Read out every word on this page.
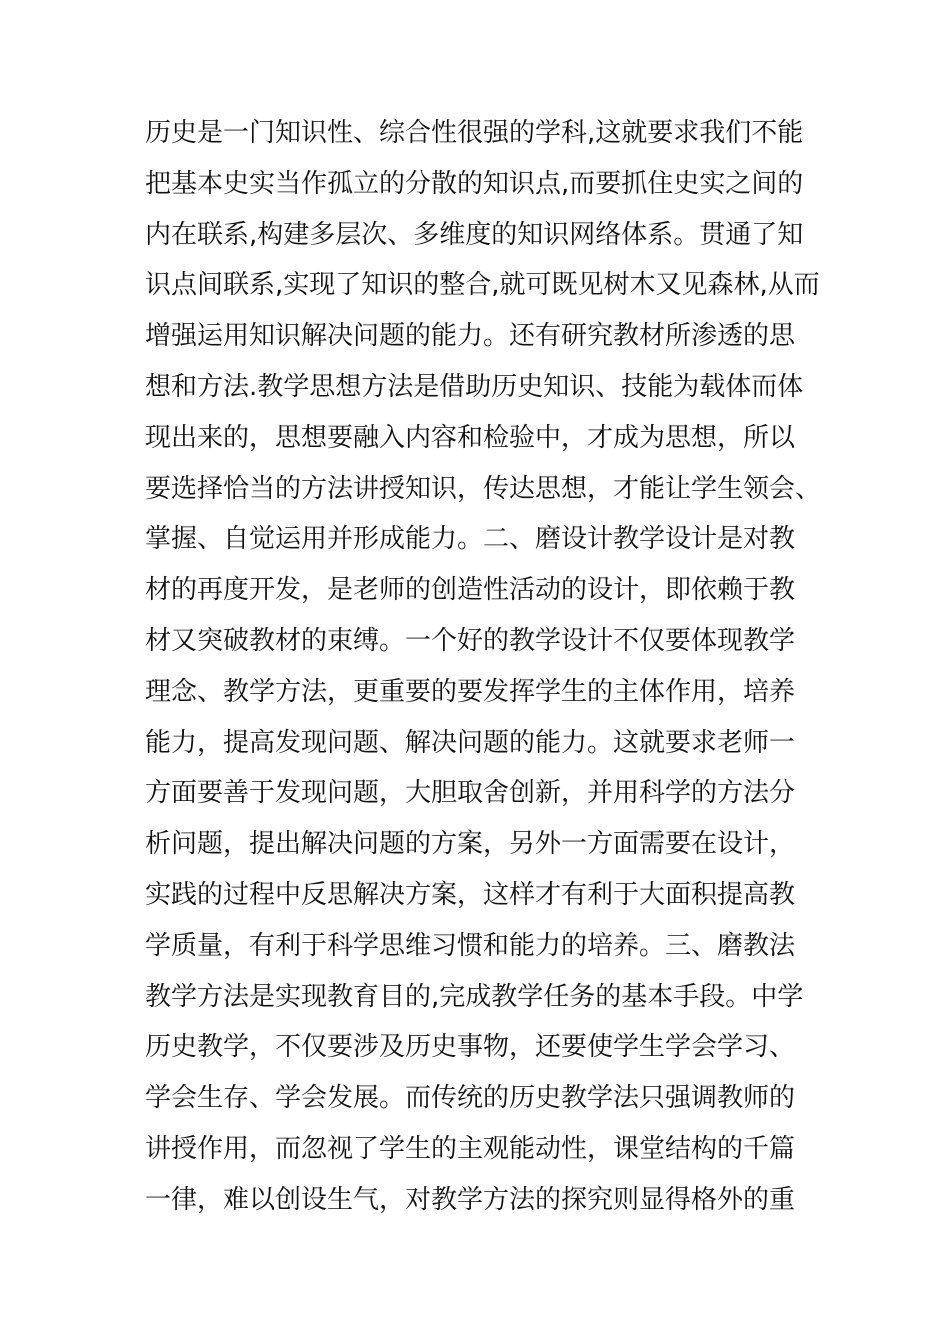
历史是一门知识性、综合性很强的学科,这就要求我们不能
把基本史实当作孤立的分散的知识点,而要抓住史实之间的
内在联系,构建多层次、多维度的知识网络体系。贯通了知
识点间联系,实现了知识的整合,就可既见树木又见森林,从而
增强运用知识解决问题的能力。还有研究教材所渗透的思
想和方法.教学思想方法是借助历史知识、技能为载体而体
现出来的，思想要融入内容和检验中，才成为思想，所以
要选择恰当的方法讲授知识，传达思想，才能让学生领会、
掌握、自觉运用并形成能力。二、磨设计教学设计是对教
材的再度开发，是老师的创造性活动的设计，即依赖于教
材又突破教材的束缚。一个好的教学设计不仅要体现教学
理念、教学方法，更重要的要发挥学生的主体作用，培养
能力，提高发现问题、解决问题的能力。这就要求老师一
方面要善于发现问题，大胆取舍创新，并用科学的方法分
析问题，提出解决问题的方案，另外一方面需要在设计，
实践的过程中反思解决方案，这样才有利于大面积提高教
学质量，有利于科学思维习惯和能力的培养。三、磨教法
教学方法是实现教育目的,完成教学任务的基本手段。中学
历史教学，不仅要涉及历史事物，还要使学生学会学习、
学会生存、学会发展。而传统的历史教学法只强调教师的
讲授作用，而忽视了学生的主观能动性，课堂结构的千篇
一律，难以创设生气，对教学方法的探究则显得格外的重
